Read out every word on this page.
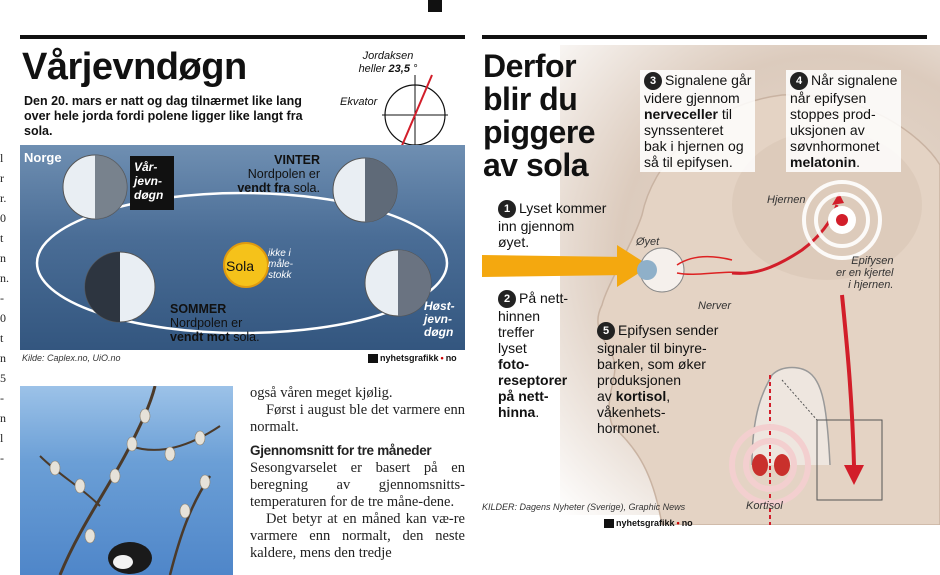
l
r
r.
0
t
n
n.
-
0
t
n
5
-
n
l
-
Vårjevndøgn
Den 20. mars er natt og dag tilnærmet like lang over hele jorda fordi polene ligger like langt fra sola.
Jordaksen
heller 23,5 °
Ekvator
Sola
ikke i
måle-
stokk
Norge
Vår-
jevn-
døgn
VINTER
Nordpolen er
vendt fra sola.
SOMMER
Nordpolen er
vendt mot sola.
Høst-
jevn-
døgn
Kilde: Caplex.no, UiO.no	nyhetsgrafikk • no

også våren meget kjølig.

Først i august ble det varmere enn normalt.

Gjennomsnitt for tre måneder

Sesongvarselet er basert på en beregning av gjennomsnitts-temperaturen for de tre måne-dene.

Det betyr at en måned kan væ-re varmere enn normalt, den neste kaldere, mens den tredje

Derfor
blir du
piggere
av sola
1 Lyset kommer
inn gjennom
øyet.
2 På nett-
hinnen
treffer
lyset
foto-
reseptorer
på nett-
hinna.
3 Signalene går
videre gjennom
nerveceller til
synssenteret
bak i hjernen og
så til epifysen.
4 Når signalene
når epifysen
stoppes prod-
uksjonen av
søvnhormonet
melatonin.
5 Epifysen sender
signaler til binyre-
barken, som øker
produksjonen
av kortisol,
våkenhets-
hormonet.
Øyet
Nerver
Hjernen
Epifysen
er en kjertel
i hjernen.
Kortisol
KILDER: Dagens Nyheter (Sverige), Graphic News
nyhetsgrafikk • no
